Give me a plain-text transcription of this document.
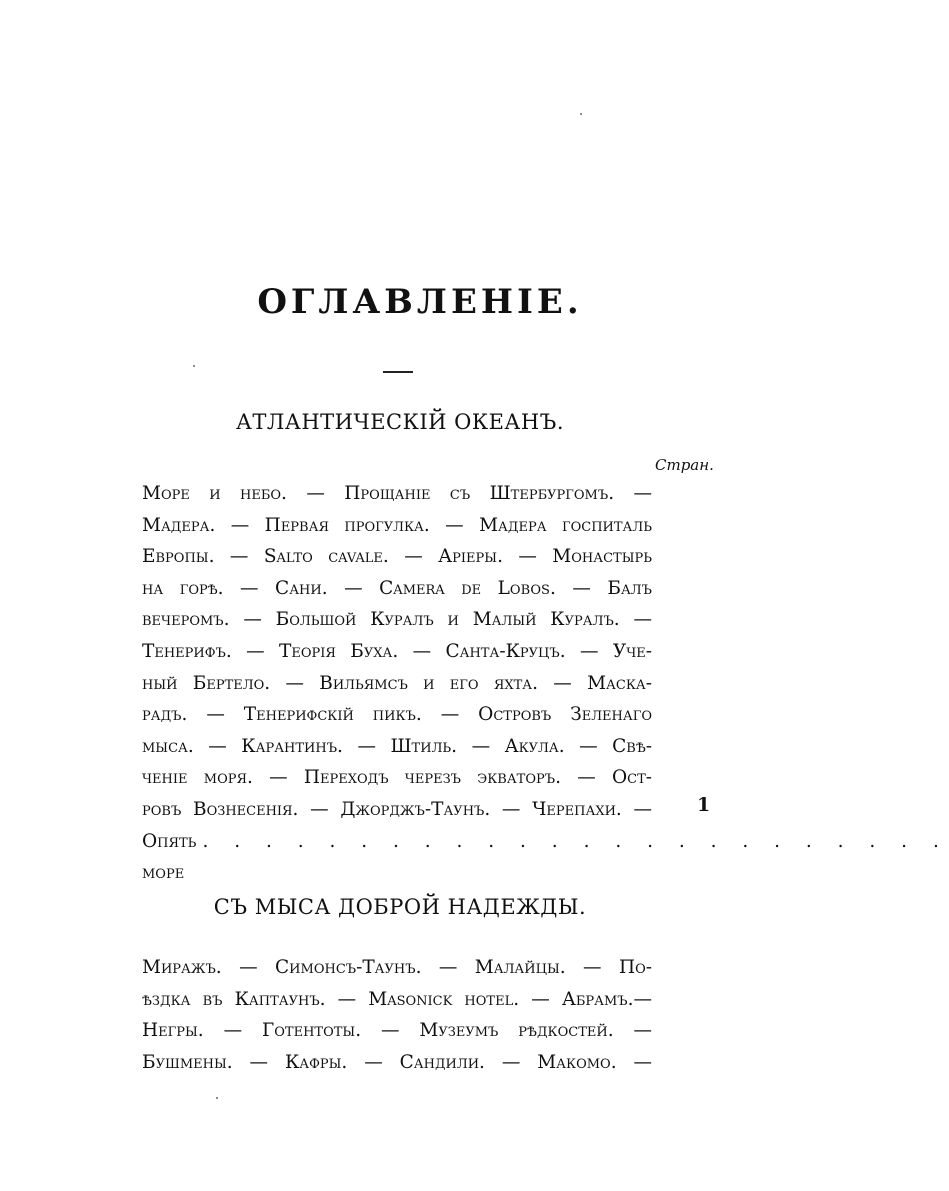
ОГЛАВЛЕНІЕ.
АТЛАНТИЧЕСКІЙ ОКЕАНЪ.
Стран.
Море и небо. — Прощаніе съ Штербургомъ. —
Мадера. — Первая прогулка. — Мадера госпиталь
Европы. — Salto cavale. — Аріеры. — Монастырь
на горѣ. — Сани. — Camera de Lobos. — Балъ
вечеромъ. — Большой Куралъ и Малый Куралъ. —
Тенерифъ. — Теорія Буха. — Санта-Круцъ. — Уче-
ный Бертело. — Вильямсъ и его яхта. — Маска-
радъ. — Тенерифскій пикъ. — Островъ Зеленаго
мыса. — Карантинъ. — Штиль. — Акула. — Свѣ-
ченіе моря. — Переходъ черезъ экваторъ. — Ост-
ровъ Вознесенія. — Джорджъ-Таунъ. — Черепахи. —
Опять море
. . . . . . . . . . . . . . . . . . . . . . . .
1
СЪ МЫСА ДОБРОЙ НАДЕЖДЫ.
Миражъ. — Симонсъ-Таунъ. — Малайцы. — По-
ѣздка въ Каптаунъ. — Masonick hotel. — Абрамъ.—
Негры. — Готентоты. — Музеумъ рѣдкостей. —
Бушмены. — Кафры. — Сандили. — Макомо. —
